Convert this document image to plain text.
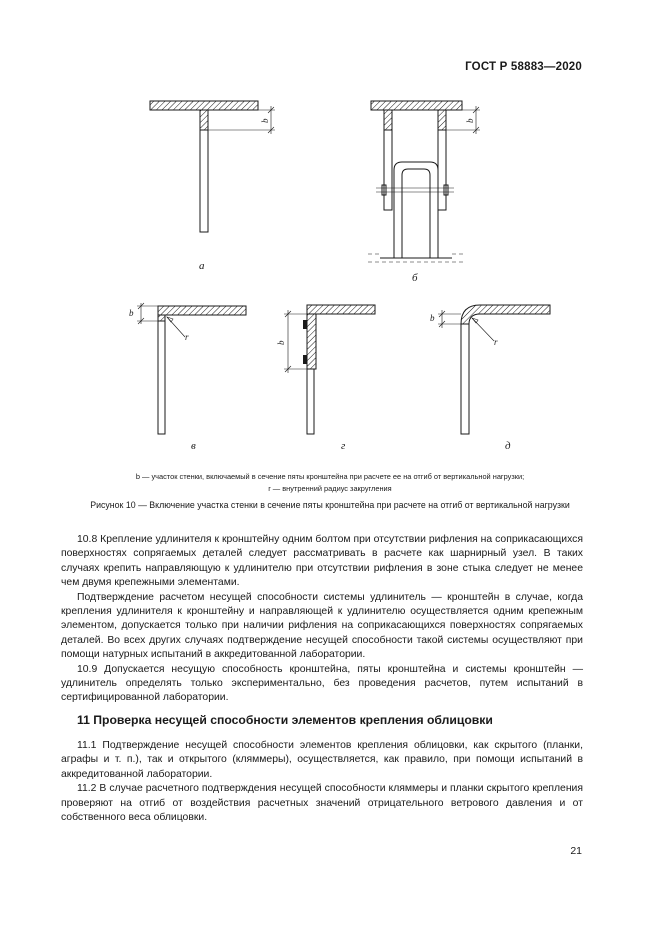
ГОСТ Р 58883—2020
b	b
b
r
b
b
r
а
б
в	г	д
b — участок стенки, включаемый в сечение пяты кронштейна при расчете ее на отгиб от вертикальной нагрузки;
r — внутренний радиус закругления
Рисунок 10 — Включение участка стенки в сечение пяты кронштейна при расчете на отгиб от вертикальной нагрузки

10.8 Крепление удлинителя к кронштейну одним болтом при отсутствии рифления на соприкасающихся поверхностях сопрягаемых деталей следует рассматривать в расчете как шарнирный узел. В таких случаях крепить направляющую к удлинителю при отсутствии рифления в зоне стыка следует не менее чем двумя крепежными элементами.

Подтверждение расчетом несущей способности системы удлинитель — кронштейн в случае, когда крепления удлинителя к кронштейну и направляющей к удлинителю осуществляется одним крепежным элементом, допускается только при наличии рифления на соприкасающихся поверхностях сопрягаемых деталей. Во всех других случаях подтверждение несущей способности такой системы осуществляют при помощи натурных испытаний в аккредитованной лаборатории.

10.9 Допускается несущую способность кронштейна, пяты кронштейна и системы кронштейн — удлинитель определять только экспериментально, без проведения расчетов, путем испытаний в сертифицированной лаборатории.

11 Проверка несущей способности элементов крепления облицовки

11.1 Подтверждение несущей способности элементов крепления облицовки, как скрытого (планки, аграфы и т. п.), так и открытого (кляммеры), осуществляется, как правило, при помощи испытаний в аккредитованной лаборатории.

11.2 В случае расчетного подтверждения несущей способности кляммеры и планки скрытого крепления проверяют на отгиб от воздействия расчетных значений отрицательного ветрового давления и от собственного веса облицовки.

21
